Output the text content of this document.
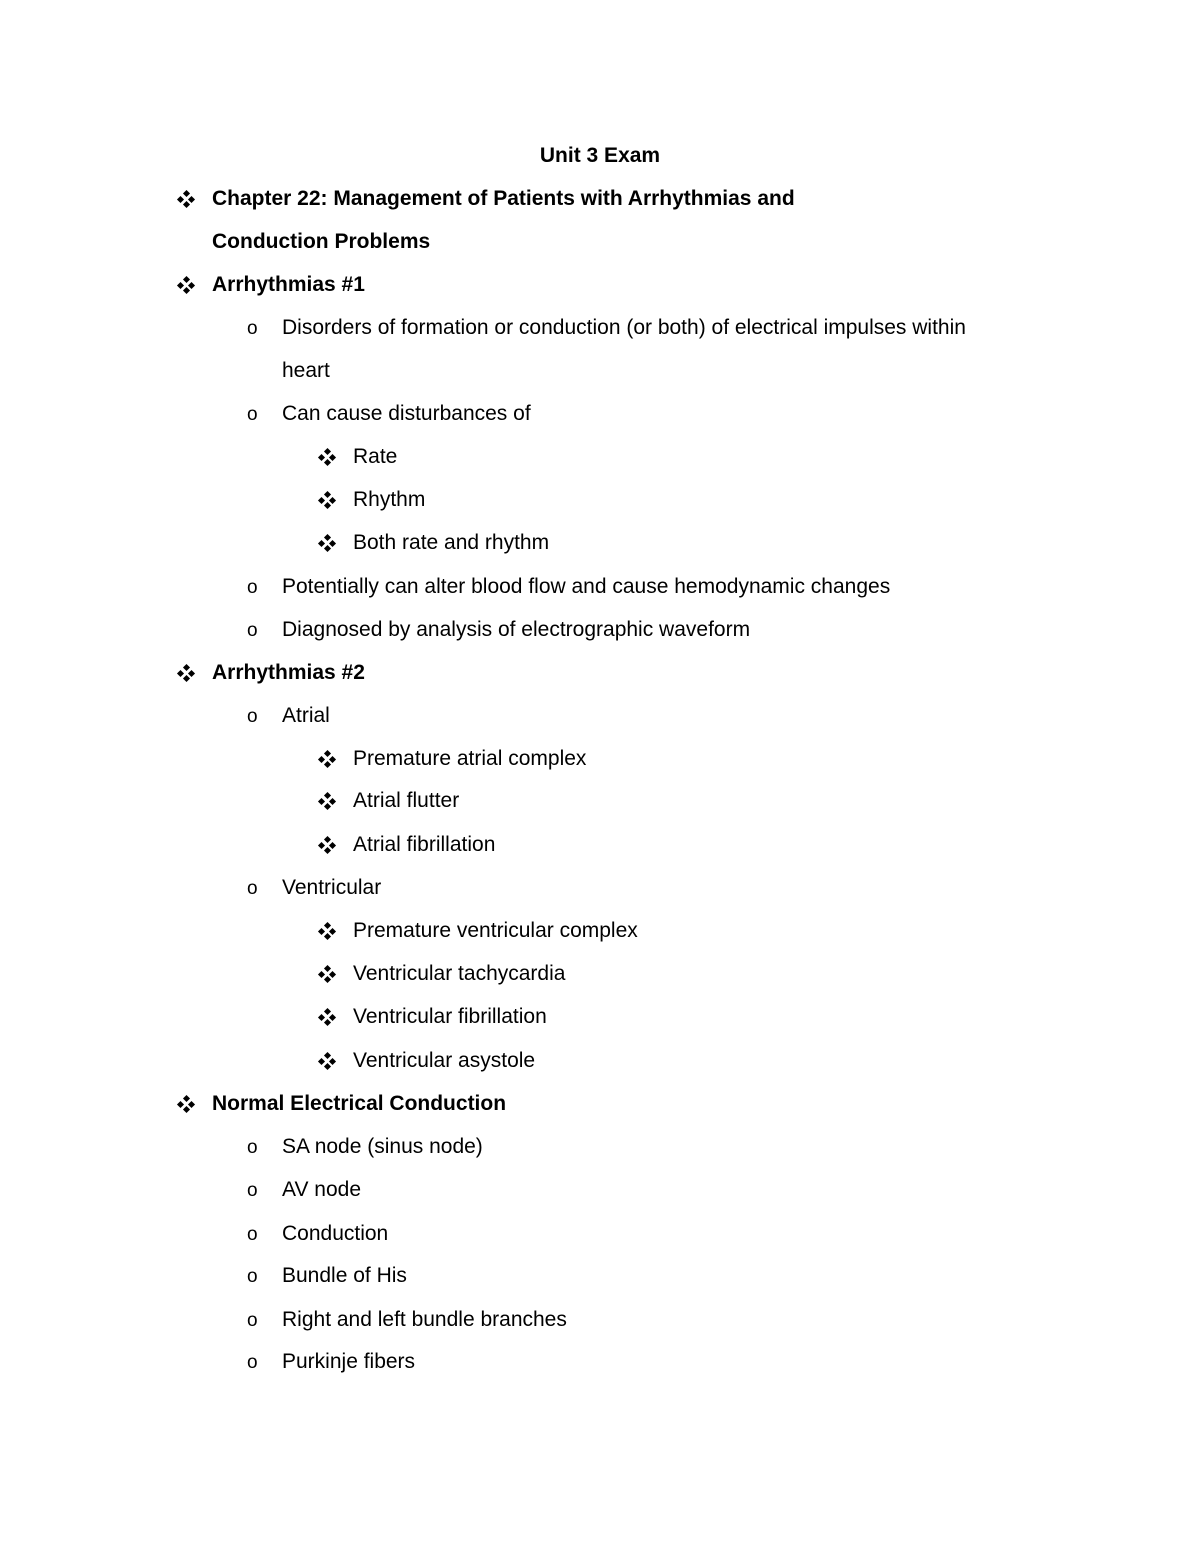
Unit 3 Exam
Chapter 22: Management of Patients with Arrhythmias and
Conduction Problems
Arrhythmias #1
o Disorders of formation or conduction (or both) of electrical impulses within
heart
o Can cause disturbances of
Rate
Rhythm
Both rate and rhythm
o Potentially can alter blood flow and cause hemodynamic changes
o Diagnosed by analysis of electrographic waveform
Arrhythmias #2
o Atrial
Premature atrial complex
Atrial flutter
Atrial fibrillation
o Ventricular
Premature ventricular complex
Ventricular tachycardia
Ventricular fibrillation
Ventricular asystole
Normal Electrical Conduction
o SA node (sinus node)
o AV node
o Conduction
o Bundle of His
o Right and left bundle branches
o Purkinje fibers
